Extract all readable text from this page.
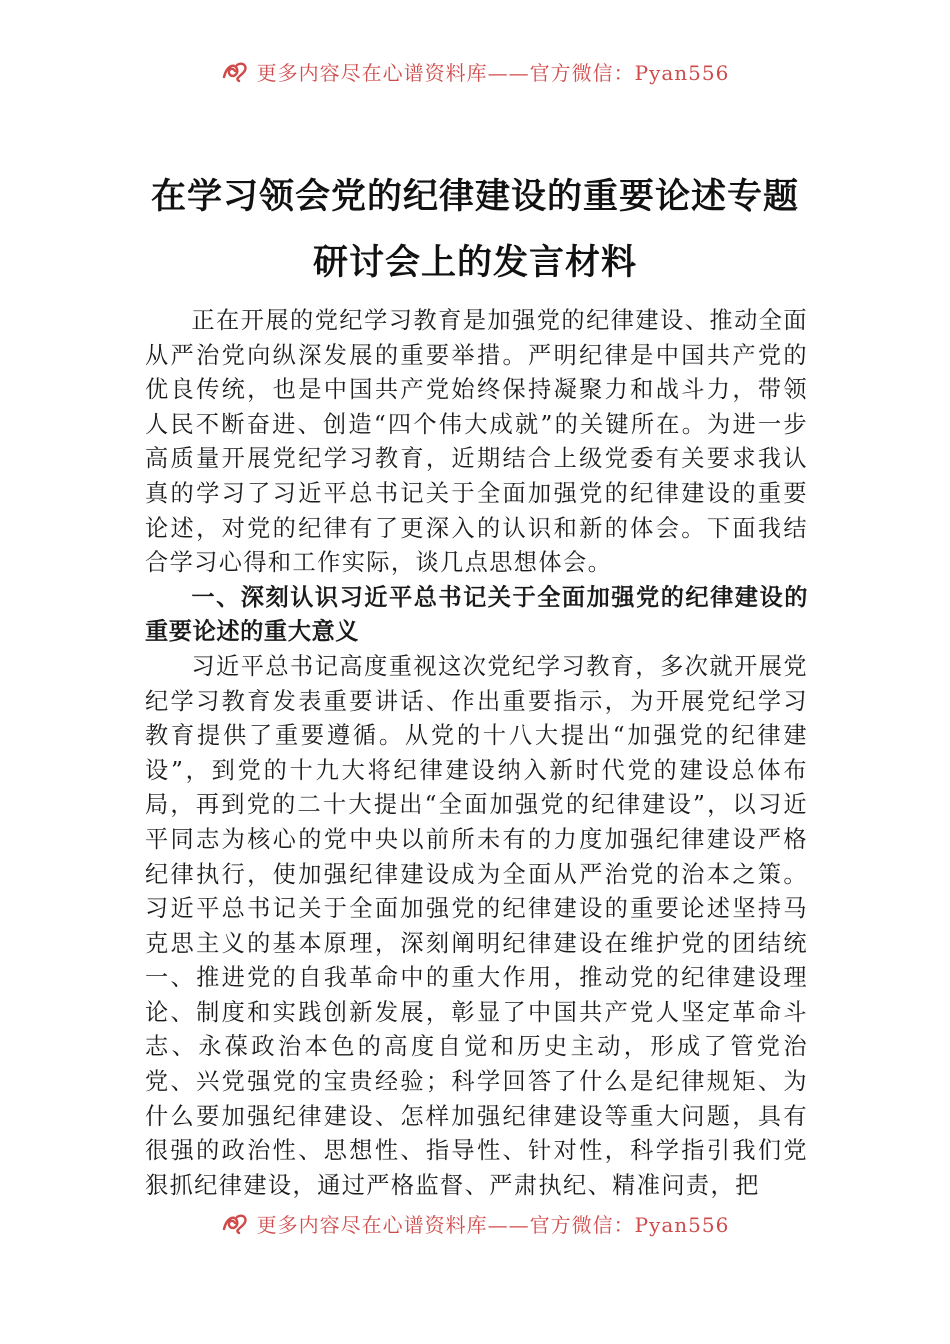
更多内容尽在心谱资料库——官方微信：Pyan556
在学习领会党的纪律建设的重要论述专题研讨会上的发言材料

正在开展的党纪学习教育是加强党的纪律建设、推动全面从严治党向纵深发展的重要举措。严明纪律是中国共产党的优良传统，也是中国共产党始终保持凝聚力和战斗力，带领人民不断奋进、创造“四个伟大成就”的关键所在。为进一步高质量开展党纪学习教育，近期结合上级党委有关要求我认真的学习了习近平总书记关于全面加强党的纪律建设的重要论述，对党的纪律有了更深入的认识和新的体会。下面我结合学习心得和工作实际，谈几点思想体会。

一、深刻认识习近平总书记关于全面加强党的纪律建设的重要论述的重大意义

习近平总书记高度重视这次党纪学习教育，多次就开展党纪学习教育发表重要讲话、作出重要指示，为开展党纪学习教育提供了重要遵循。从党的十八大提出“加强党的纪律建设”，到党的十九大将纪律建设纳入新时代党的建设总体布局，再到党的二十大提出“全面加强党的纪律建设”，以习近平同志为核心的党中央以前所未有的力度加强纪律建设严格纪律执行，使加强纪律建设成为全面从严治党的治本之策。习近平总书记关于全面加强党的纪律建设的重要论述坚持马克思主义的基本原理，深刻阐明纪律建设在维护党的团结统一、推进党的自我革命中的重大作用，推动党的纪律建设理论、制度和实践创新发展，彰显了中国共产党人坚定革命斗志、永葆政治本色的高度自觉和历史主动，形成了管党治党、兴党强党的宝贵经验；科学回答了什么是纪律规矩、为什么要加强纪律建设、怎样加强纪律建设等重大问题，具有很强的政治性、思想性、指导性、针对性，科学指引我们党狠抓纪律建设，通过严格监督、严肃执纪、精准问责，把

更多内容尽在心谱资料库——官方微信：Pyan556
